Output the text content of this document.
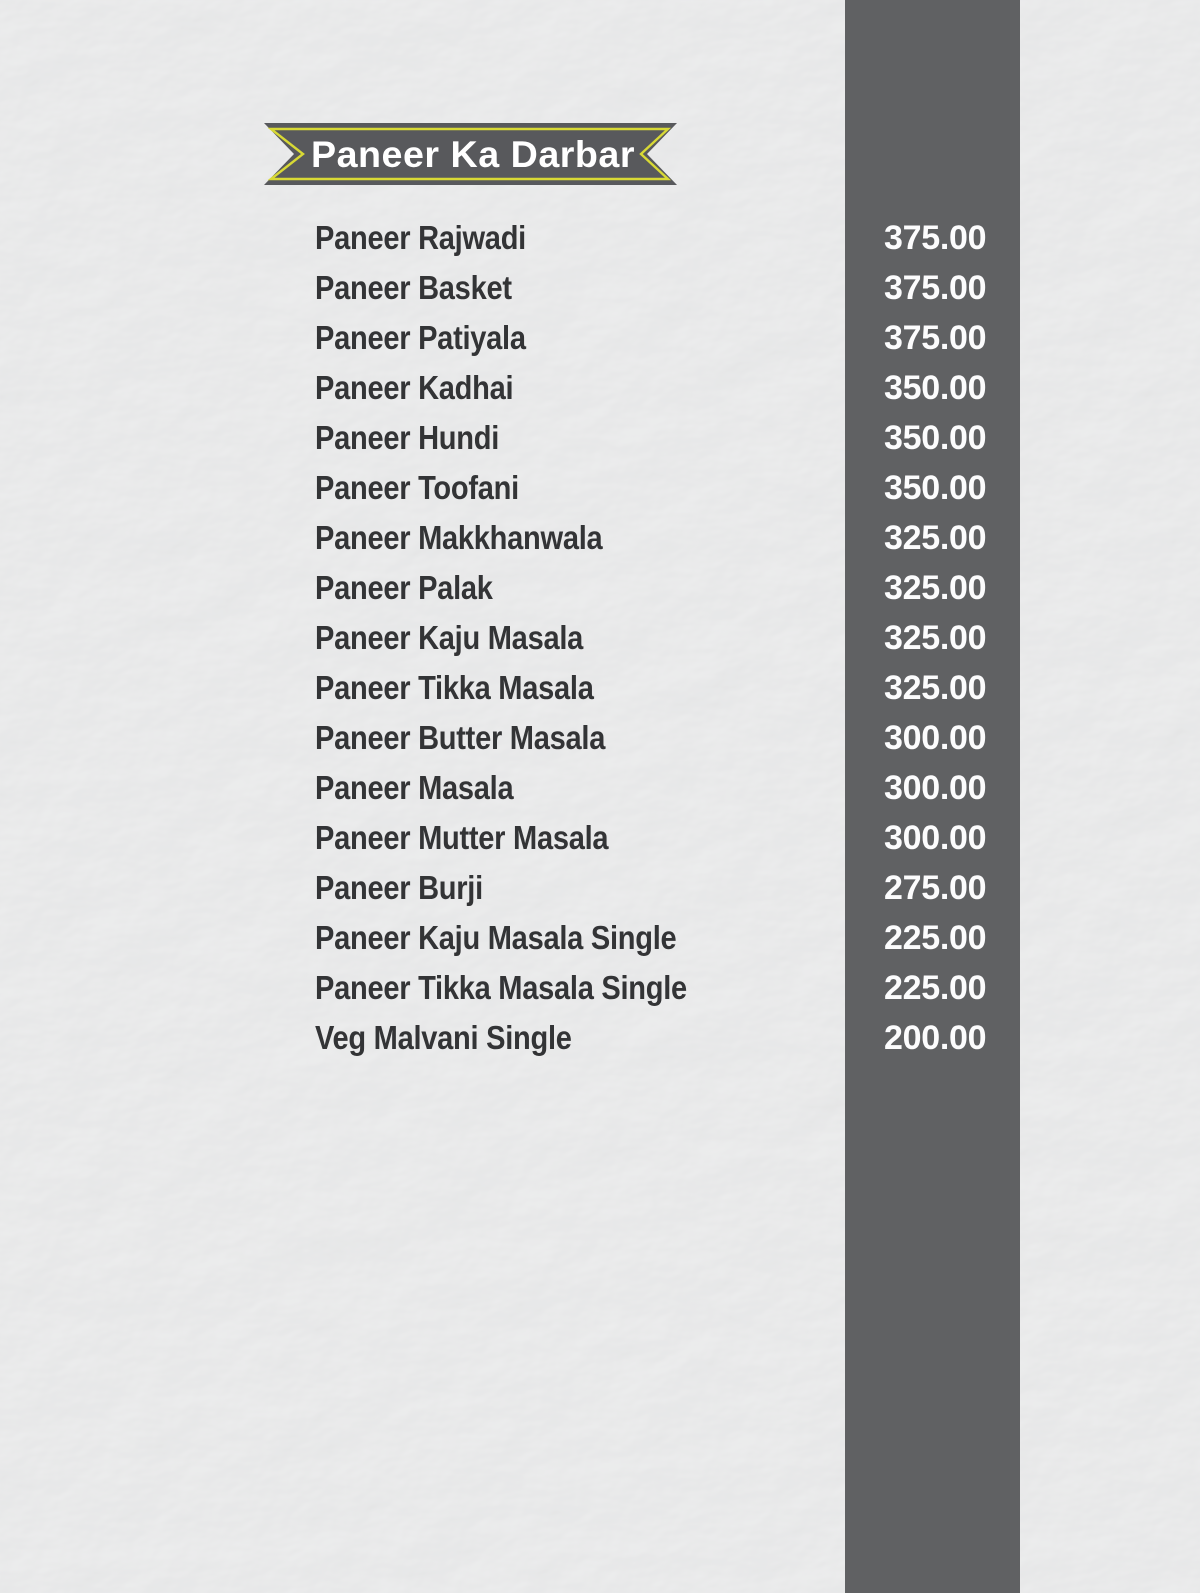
Paneer Ka Darbar
Paneer Rajwadi	375.00
Paneer Basket	375.00
Paneer Patiyala	375.00
Paneer Kadhai	350.00
Paneer Hundi	350.00
Paneer Toofani	350.00
Paneer Makkhanwala	325.00
Paneer Palak	325.00
Paneer Kaju Masala	325.00
Paneer Tikka Masala	325.00
Paneer Butter Masala	300.00
Paneer Masala	300.00
Paneer Mutter Masala	300.00
Paneer Burji	275.00
Paneer Kaju Masala Single	225.00
Paneer Tikka Masala Single	225.00
Veg Malvani Single	200.00
